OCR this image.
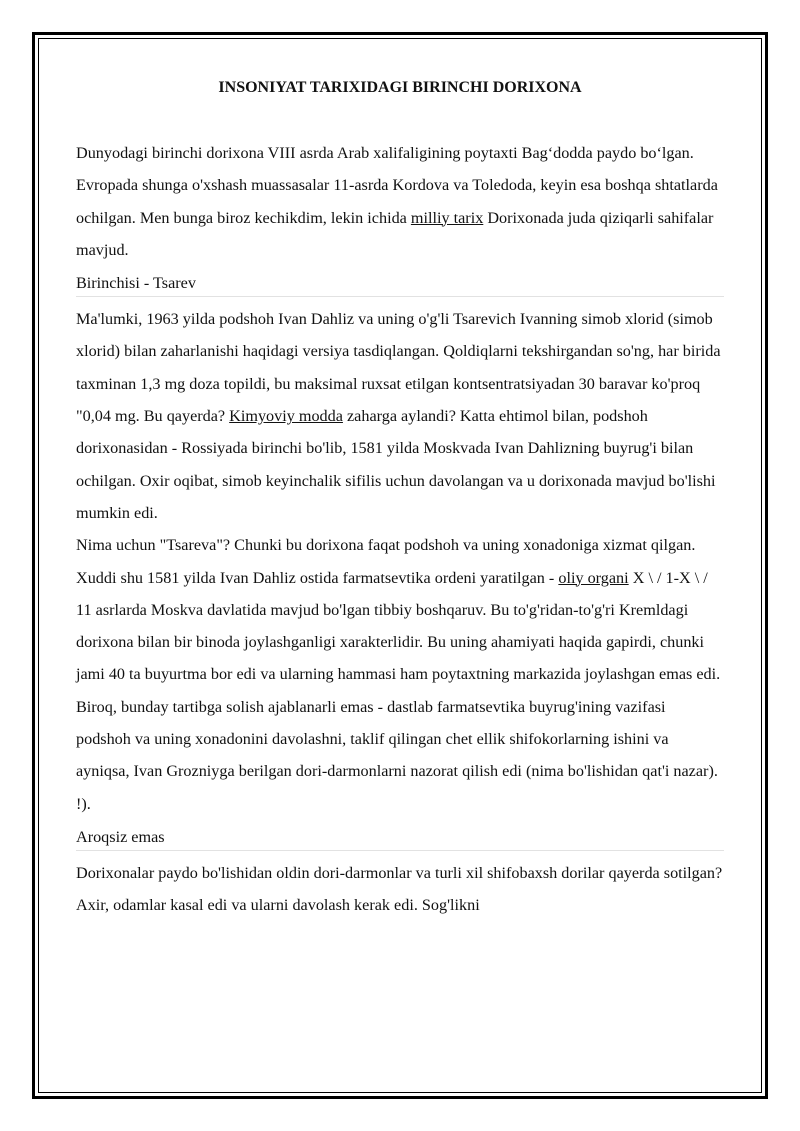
INSONIYAT TARIXIDAGI BIRINCHI DORIXONA

Dunyodagi birinchi dorixona VIII asrda Arab xalifaligining poytaxti Bag‘dodda paydo bo‘lgan. Evropada shunga o'xshash muassasalar 11-asrda Kordova va Toledoda, keyin esa boshqa shtatlarda ochilgan. Men bunga biroz kechikdim, lekin ichida milliy tarix Dorixonada juda qiziqarli sahifalar mavjud.

Birinchisi - Tsarev

Ma'lumki, 1963 yilda podshoh Ivan Dahliz va uning o'g'li Tsarevich Ivanning simob xlorid (simob xlorid) bilan zaharlanishi haqidagi versiya tasdiqlangan. Qoldiqlarni tekshirgandan so'ng, har birida taxminan 1,3 mg doza topildi, bu maksimal ruxsat etilgan kontsentratsiyadan 30 baravar ko'proq "0,04 mg. Bu qayerda? Kimyoviy modda zaharga aylandi? Katta ehtimol bilan, podshoh dorixonasidan - Rossiyada birinchi bo'lib, 1581 yilda Moskvada Ivan Dahlizning buyrug'i bilan ochilgan. Oxir oqibat, simob keyinchalik sifilis uchun davolangan va u dorixonada mavjud bo'lishi mumkin edi.

Nima uchun "Tsareva"? Chunki bu dorixona faqat podshoh va uning xonadoniga xizmat qilgan. Xuddi shu 1581 yilda Ivan Dahliz ostida farmatsevtika ordeni yaratilgan - oliy organi X \ / 1-X \ / 11 asrlarda Moskva davlatida mavjud bo'lgan tibbiy boshqaruv. Bu to'g'ridan-to'g'ri Kremldagi dorixona bilan bir binoda joylashganligi xarakterlidir. Bu uning ahamiyati haqida gapirdi, chunki jami 40 ta buyurtma bor edi va ularning hammasi ham poytaxtning markazida joylashgan emas edi.

Biroq, bunday tartibga solish ajablanarli emas - dastlab farmatsevtika buyrug'ining vazifasi podshoh va uning xonadonini davolashni, taklif qilingan chet ellik shifokorlarning ishini va ayniqsa, Ivan Grozniyga berilgan dori-darmonlarni nazorat qilish edi (nima bo'lishidan qat'i nazar). !).

Aroqsiz emas

Dorixonalar paydo bo'lishidan oldin dori-darmonlar va turli xil shifobaxsh dorilar qayerda sotilgan? Axir, odamlar kasal edi va ularni davolash kerak edi. Sog'likni
